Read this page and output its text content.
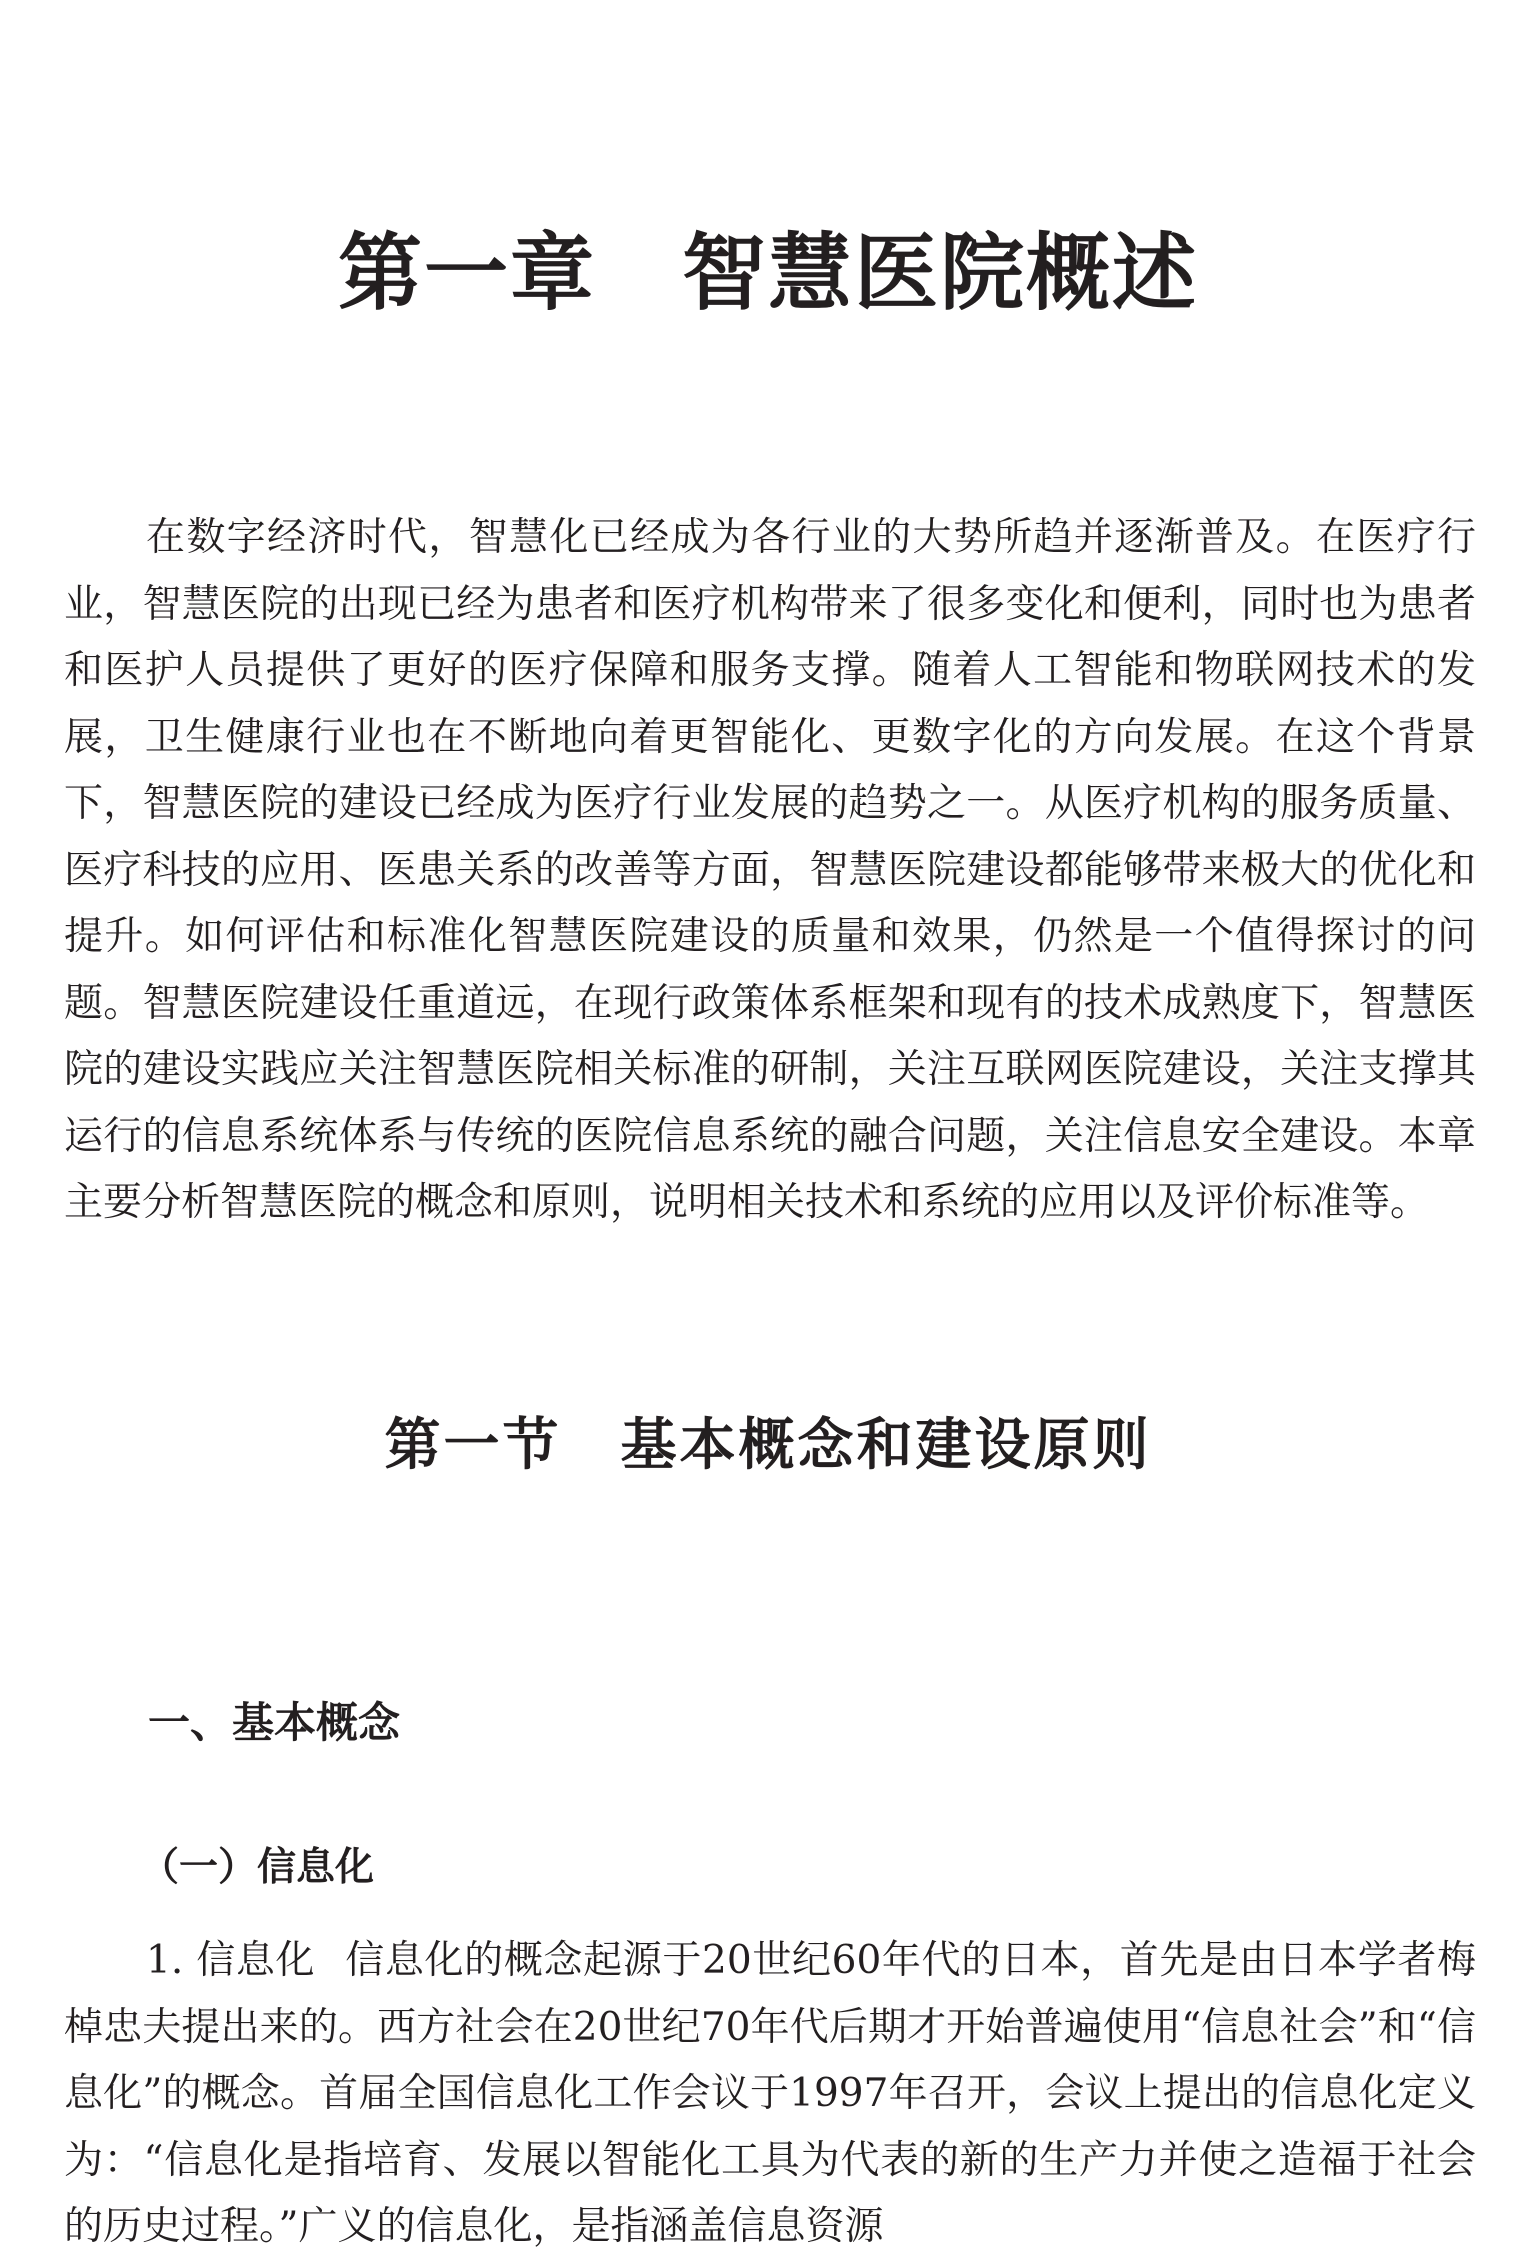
第一章　智慧医院概述

在数字经济时代，智慧化已经成为各行业的大势所趋并逐渐普及。在医疗行业，智慧医院的出现已经为患者和医疗机构带来了很多变化和便利，同时也为患者和医护人员提供了更好的医疗保障和服务支撑。随着人工智能和物联网技术的发展，卫生健康行业也在不断地向着更智能化、更数字化的方向发展。在这个背景下，智慧医院的建设已经成为医疗行业发展的趋势之一。从医疗机构的服务质量、医疗科技的应用、医患关系的改善等方面，智慧医院建设都能够带来极大的优化和提升。如何评估和标准化智慧医院建设的质量和效果，仍然是一个值得探讨的问题。智慧医院建设任重道远，在现行政策体系框架和现有的技术成熟度下，智慧医院的建设实践应关注智慧医院相关标准的研制，关注互联网医院建设，关注支撑其运行的信息系统体系与传统的医院信息系统的融合问题，关注信息安全建设。本章主要分析智慧医院的概念和原则，说明相关技术和系统的应用以及评价标准等。

第一节　基本概念和建设原则
一、基本概念
（一）信息化

1. 信息化 信息化的概念起源于20世纪60年代的日本，首先是由日本学者梅棹忠夫提出来的。西方社会在20世纪70年代后期才开始普遍使用“信息社会”和“信息化”的概念。首届全国信息化工作会议于1997年召开，会议上提出的信息化定义为：“信息化是指培育、发展以智能化工具为代表的新的生产力并使之造福于社会的历史过程。”广义的信息化，是指涵盖信息资源
